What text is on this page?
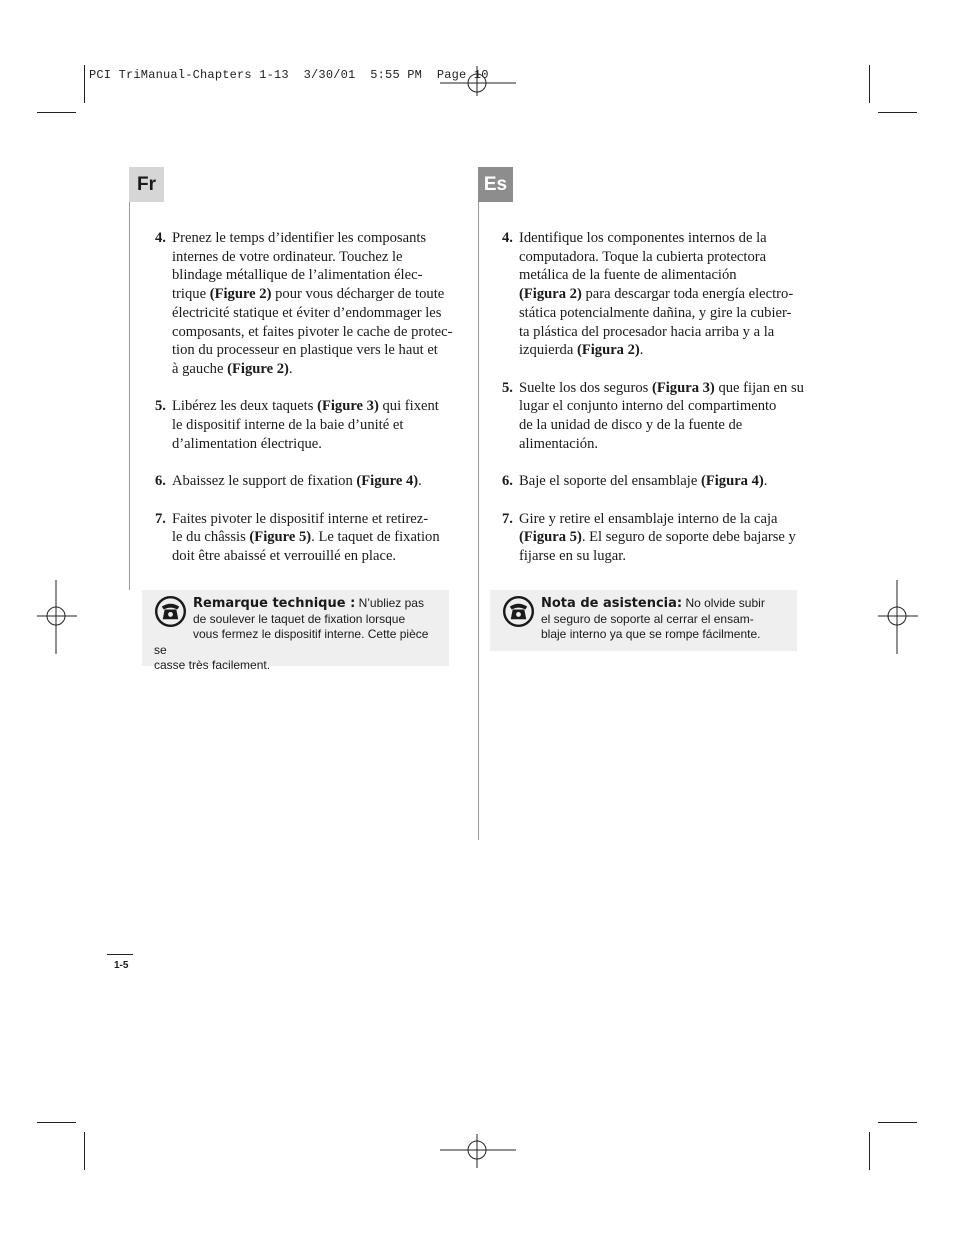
PCI TriManual-Chapters 1-13  3/30/01  5:55 PM  Page 10
Fr	Es
4. Prenez le temps d’identifier les composants
internes de votre ordinateur. Touchez le
blindage métallique de l’alimentation élec-
trique (Figure 2) pour vous décharger de toute
électricité statique et éviter d’endommager les
composants, et faites pivoter le cache de protec-
tion du processeur en plastique vers le haut et
à gauche (Figure 2).
5. Libérez les deux taquets (Figure 3) qui fixent
le dispositif interne de la baie d’unité et
d’alimentation électrique.
6. Abaissez le support de fixation (Figure 4).
7. Faites pivoter le dispositif interne et retirez-
le du châssis (Figure 5). Le taquet de fixation
doit être abaissé et verrouillé en place.
Remarque technique : N’ubliez pas
de soulever le taquet de fixation lorsque
vous fermez le dispositif interne. Cette pièce se
casse très facilement.
4. Identifique los componentes internos de la
computadora. Toque la cubierta protectora
metálica de la fuente de alimentación
(Figura 2) para descargar toda energía electro-
stática potencialmente dañina, y gire la cubier-
ta plástica del procesador hacia arriba y a la
izquierda (Figura 2).
5. Suelte los dos seguros (Figura 3) que fijan en su
lugar el conjunto interno del compartimento
de la unidad de disco y de la fuente de
alimentación.
6. Baje el soporte del ensamblaje (Figura 4).
7. Gire y retire el ensamblaje interno de la caja
(Figura 5). El seguro de soporte debe bajarse y
fijarse en su lugar.
Nota de asistencia: No olvide subir
el seguro de soporte al cerrar el ensam-
blaje interno ya que se rompe fácilmente.
1-5
